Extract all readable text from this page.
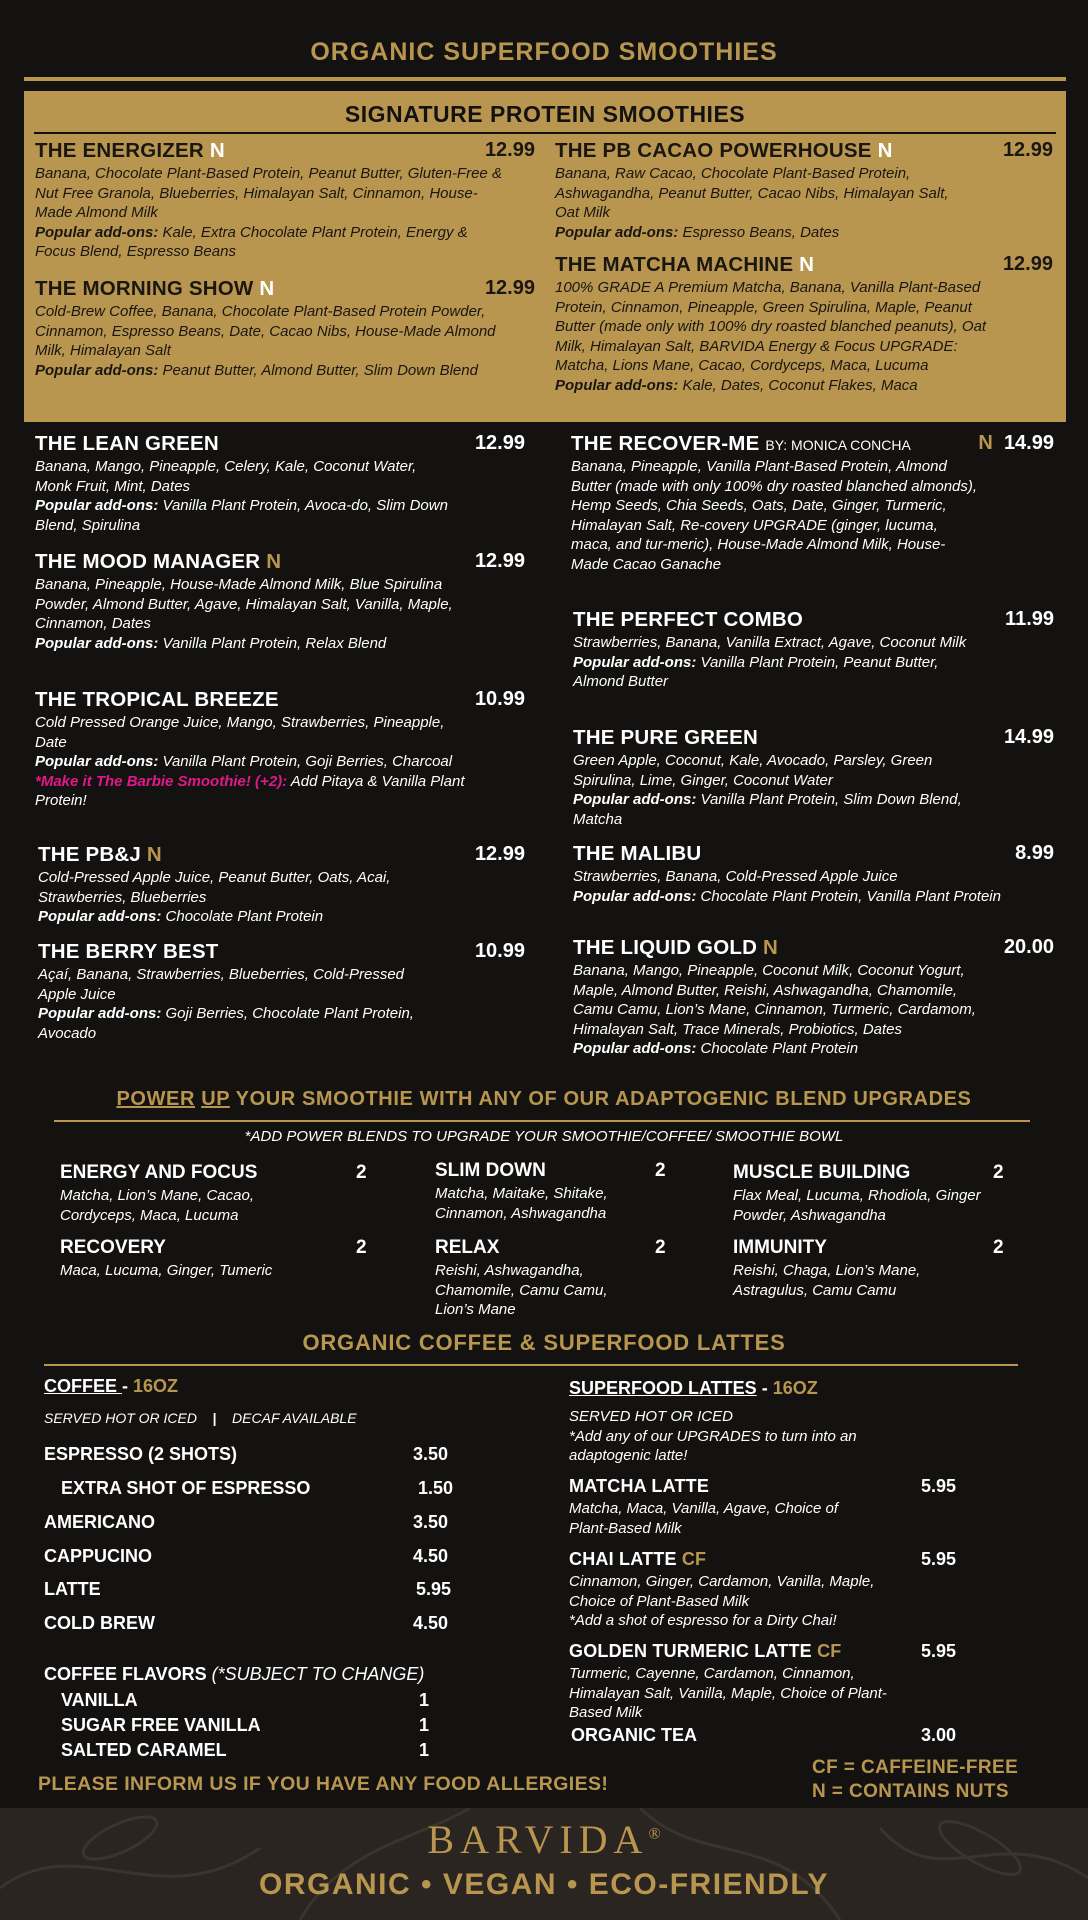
ORGANIC SUPERFOOD SMOOTHIES
SIGNATURE PROTEIN SMOOTHIES
THE ENERGIZER N	12.99
Banana, Chocolate Plant-Based Protein, Peanut Butter, Gluten-Free & Nut Free Granola, Blueberries, Himalayan Salt, Cinnamon, House-Made Almond Milk
Popular add-ons: Kale, Extra Chocolate Plant Protein, Energy & Focus Blend, Espresso Beans
THE MORNING SHOW N	12.99
Cold-Brew Coffee, Banana, Chocolate Plant-Based Protein Powder, Cinnamon, Espresso Beans, Date, Cacao Nibs, House-Made Almond Milk, Himalayan Salt
Popular add-ons: Peanut Butter, Almond Butter, Slim Down Blend
THE PB CACAO POWERHOUSE N	12.99
Banana, Raw Cacao, Chocolate Plant-Based Protein, Ashwagandha, Peanut Butter, Cacao Nibs, Himalayan Salt, Oat Milk
Popular add-ons: Espresso Beans, Dates
THE MATCHA MACHINE N	12.99
100% GRADE A Premium Matcha, Banana, Vanilla Plant-Based Protein, Cinnamon, Pineapple, Green Spirulina, Maple, Peanut Butter (made only with 100% dry roasted blanched peanuts), Oat Milk, Himalayan Salt, BARVIDA Energy & Focus UPGRADE: Matcha, Lions Mane, Cacao, Cordyceps, Maca, Lucuma
Popular add-ons: Kale, Dates, Coconut Flakes, Maca
THE LEAN GREEN	12.99
Banana, Mango, Pineapple, Celery, Kale, Coconut Water, Monk Fruit, Mint, Dates
Popular add-ons: Vanilla Plant Protein, Avoca-do, Slim Down Blend, Spirulina
THE MOOD MANAGER N	12.99
Banana, Pineapple, House-Made Almond Milk, Blue Spirulina Powder, Almond Butter, Agave, Himalayan Salt, Vanilla, Maple, Cinnamon, Dates
Popular add-ons: Vanilla Plant Protein, Relax Blend
THE TROPICAL BREEZE	10.99
Cold Pressed Orange Juice, Mango, Strawberries, Pineapple, Date
Popular add-ons: Vanilla Plant Protein, Goji Berries, Charcoal
*Make it The Barbie Smoothie! (+2): Add Pitaya & Vanilla Plant Protein!
THE PB&J N	12.99
Cold-Pressed Apple Juice, Peanut Butter, Oats, Acai, Strawberries, Blueberries
Popular add-ons: Chocolate Plant Protein
THE BERRY BEST	10.99
Açaí, Banana, Strawberries, Blueberries, Cold-Pressed Apple Juice
Popular add-ons: Goji Berries, Chocolate Plant Protein, Avocado
THE RECOVER-ME BY: MONICA CONCHA	N 14.99
Banana, Pineapple, Vanilla Plant-Based Protein, Almond Butter (made with only 100% dry roasted blanched almonds), Hemp Seeds, Chia Seeds, Oats, Date, Ginger, Turmeric, Himalayan Salt, Re-covery UPGRADE (ginger, lucuma, maca, and tur-meric), House-Made Almond Milk, House-Made Cacao Ganache
THE PERFECT COMBO	11.99
Strawberries, Banana, Vanilla Extract, Agave, Coconut Milk
Popular add-ons: Vanilla Plant Protein, Peanut Butter, Almond Butter
THE PURE GREEN	14.99
Green Apple, Coconut, Kale, Avocado, Parsley, Green Spirulina, Lime, Ginger, Coconut Water
Popular add-ons: Vanilla Plant Protein, Slim Down Blend, Matcha
THE MALIBU	8.99
Strawberries, Banana, Cold-Pressed Apple Juice
Popular add-ons: Chocolate Plant Protein, Vanilla Plant Protein
THE LIQUID GOLD N	20.00
Banana, Mango, Pineapple, Coconut Milk, Coconut Yogurt, Maple, Almond Butter, Reishi, Ashwagandha, Chamomile, Camu Camu, Lion’s Mane, Cinnamon, Turmeric, Cardamom, Himalayan Salt, Trace Minerals, Probiotics, Dates
Popular add-ons: Chocolate Plant Protein
POWER UP YOUR SMOOTHIE WITH ANY OF OUR ADAPTOGENIC BLEND UPGRADES
*ADD POWER BLENDS TO UPGRADE YOUR SMOOTHIE/COFFEE/ SMOOTHIE BOWL
ENERGY AND FOCUS	2
Matcha, Lion’s Mane, Cacao, Cordyceps, Maca, Lucuma
SLIM DOWN	2
Matcha, Maitake, Shitake, Cinnamon, Ashwagandha
MUSCLE BUILDING	2
Flax Meal, Lucuma, Rhodiola, Ginger Powder, Ashwagandha
RECOVERY	2
Maca, Lucuma, Ginger, Tumeric
RELAX	2
Reishi, Ashwagandha, Chamomile, Camu Camu, Lion’s Mane
IMMUNITY	2
Reishi, Chaga, Lion’s Mane, Astragulus, Camu Camu
ORGANIC COFFEE & SUPERFOOD LATTES
COFFEE - 16OZ
SERVED HOT OR ICED | DECAF AVAILABLE
ESPRESSO (2 SHOTS)	3.50
EXTRA SHOT OF ESPRESSO	1.50
AMERICANO	3.50
CAPPUCINO	4.50
LATTE	5.95
COLD BREW	4.50
COFFEE FLAVORS (*SUBJECT TO CHANGE)
VANILLA	1
SUGAR FREE VANILLA	1
SALTED CARAMEL	1
SUPERFOOD LATTES - 16OZ
SERVED HOT OR ICED
*Add any of our UPGRADES to turn into an adaptogenic latte!
MATCHA LATTE	5.95
Matcha, Maca, Vanilla, Agave, Choice of Plant-Based Milk
CHAI LATTE CF	5.95
Cinnamon, Ginger, Cardamon, Vanilla, Maple, Choice of Plant-Based Milk
*Add a shot of espresso for a Dirty Chai!
GOLDEN TURMERIC LATTE CF	5.95
Turmeric, Cayenne, Cardamon, Cinnamon, Himalayan Salt, Vanilla, Maple, Choice of Plant-Based Milk
ORGANIC TEA	3.00
PLEASE INFORM US IF YOU HAVE ANY FOOD ALLERGIES!
CF = CAFFEINE-FREE
N = CONTAINS NUTS
BARVIDA®
ORGANIC • VEGAN • ECO-FRIENDLY
